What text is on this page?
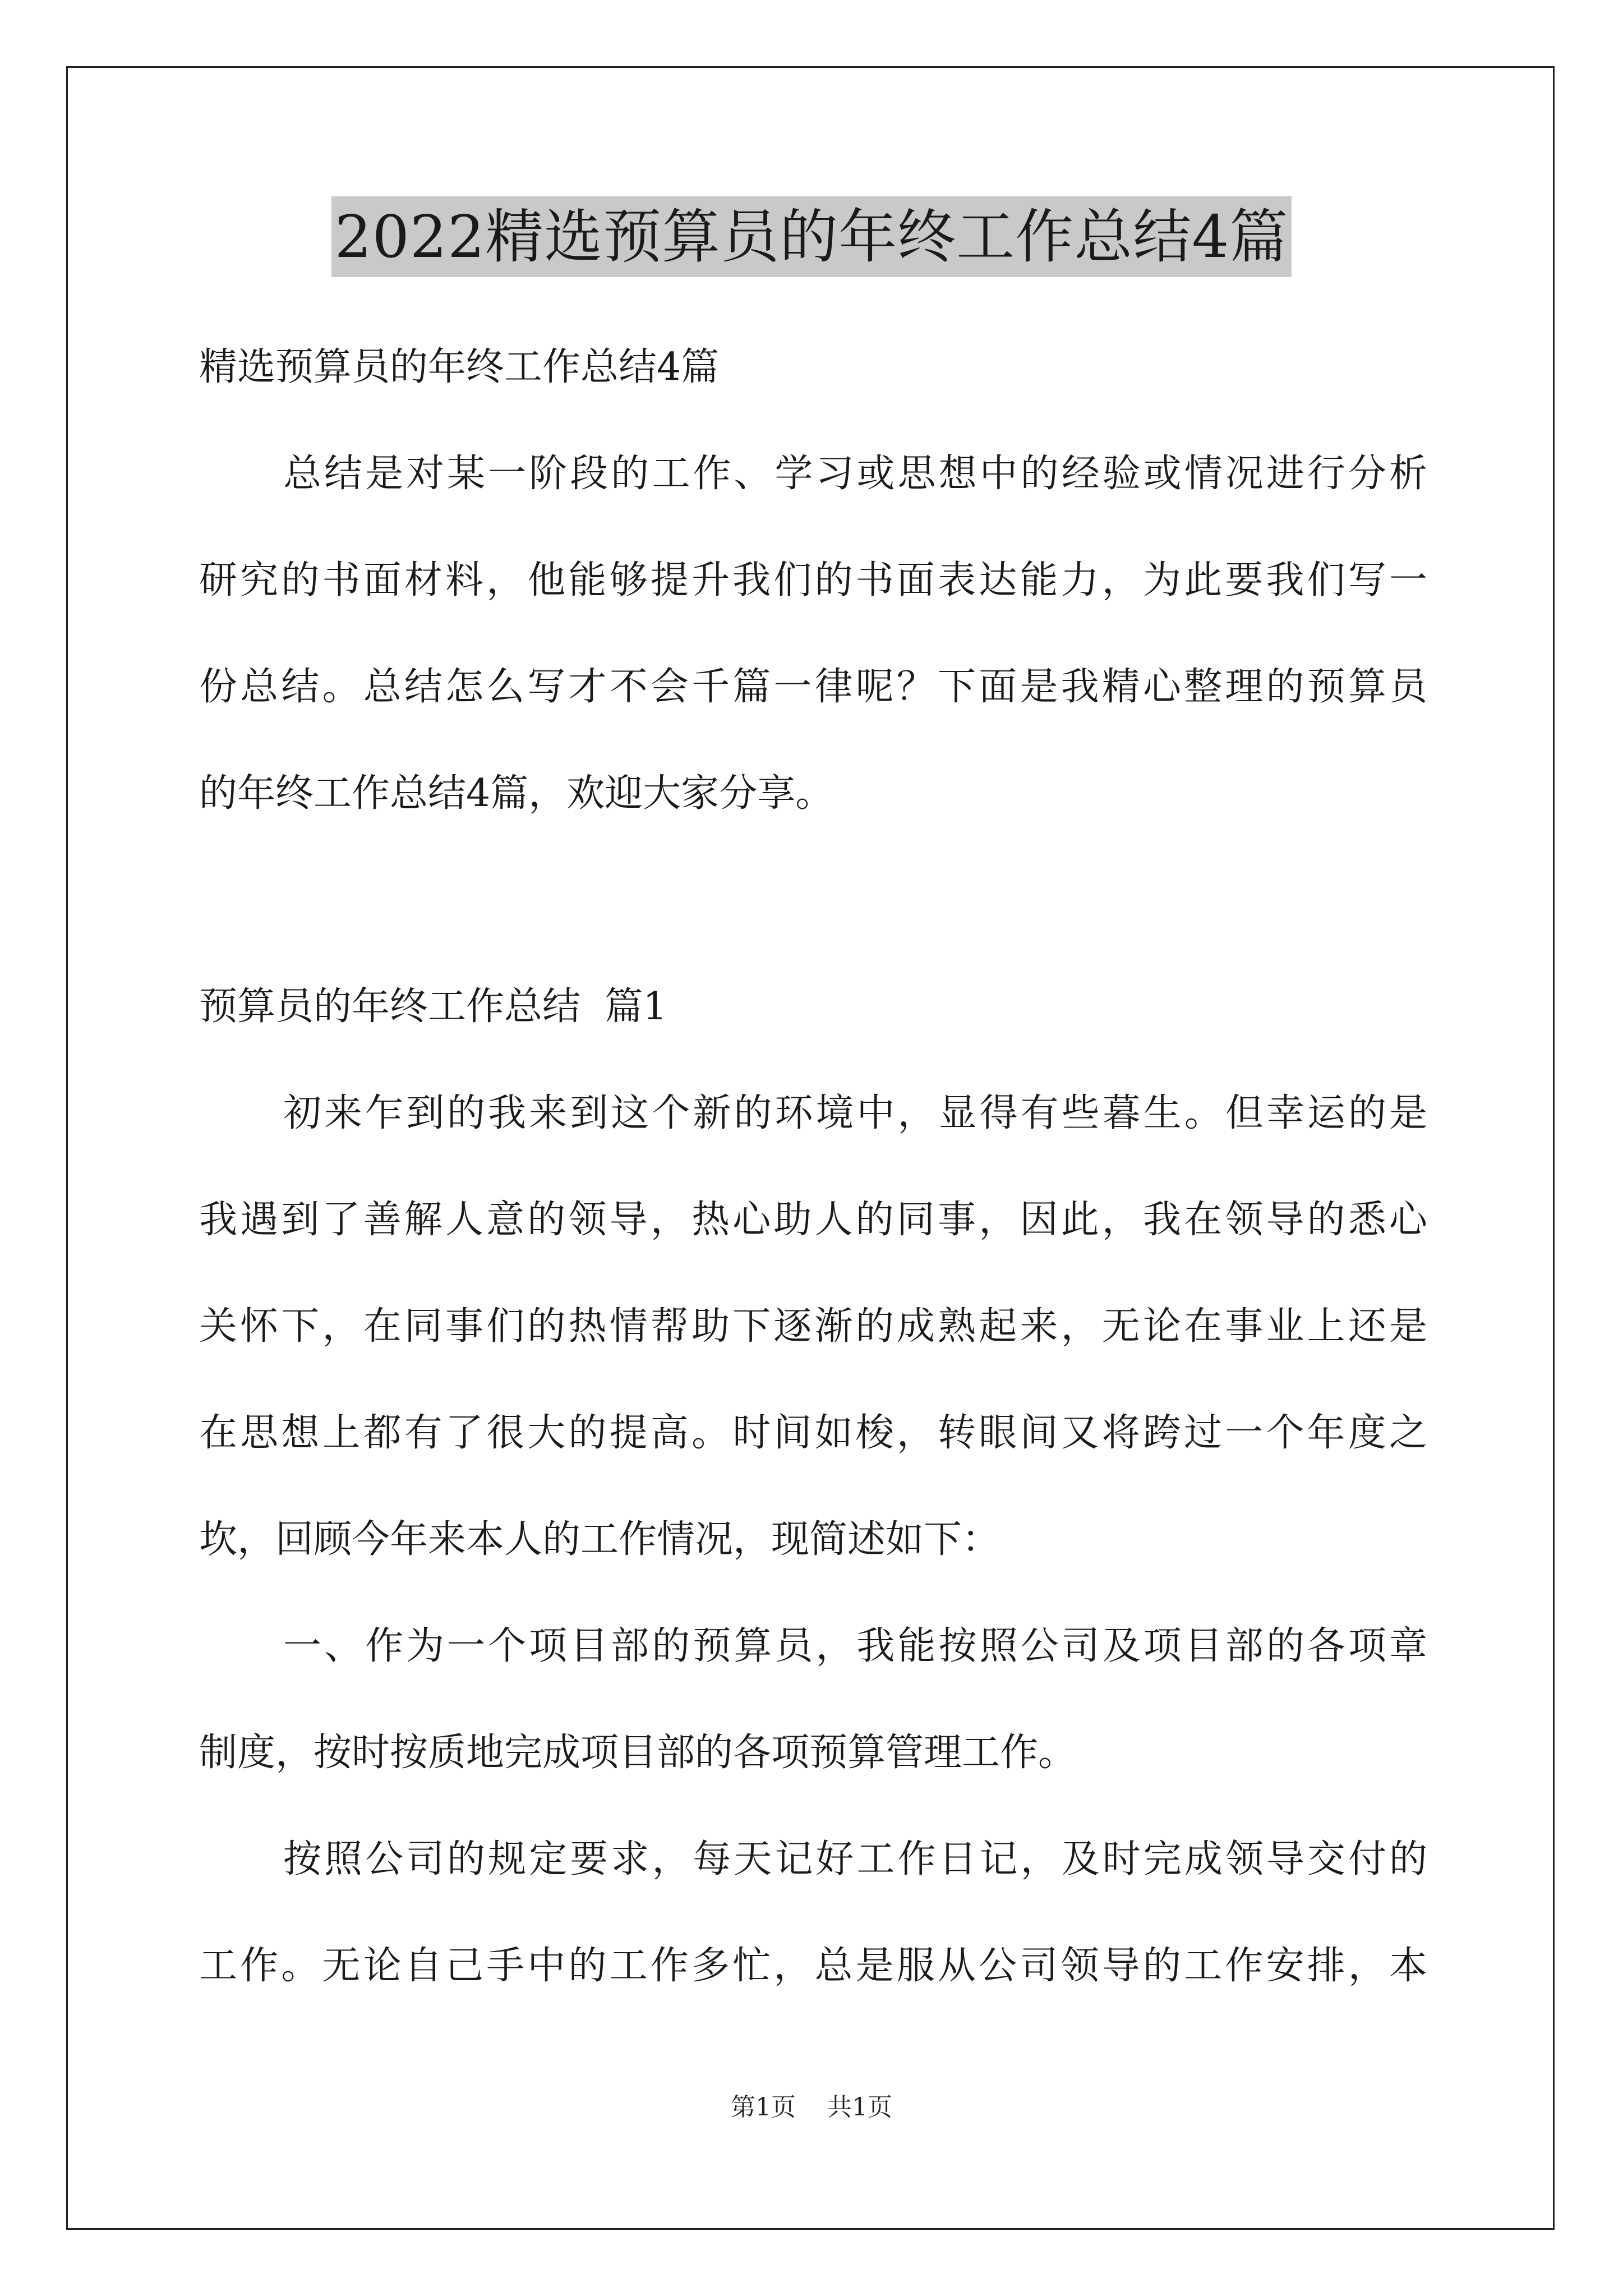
2022精选预算员的年终工作总结4篇
精选预算员的年终工作总结4篇
总结是对某一阶段的工作、学习或思想中的经验或情况进行分析
研究的书面材料，他能够提升我们的书面表达能力，为此要我们写一
份总结。总结怎么写才不会千篇一律呢？下面是我精心整理的预算员
的年终工作总结4篇，欢迎大家分享。
预算员的年终工作总结  篇1
初来乍到的我来到这个新的环境中，显得有些暮生。但幸运的是
我遇到了善解人意的领导，热心助人的同事，因此，我在领导的悉心
关怀下，在同事们的热情帮助下逐渐的成熟起来，无论在事业上还是
在思想上都有了很大的提高。时间如梭，转眼间又将跨过一个年度之
坎，回顾今年来本人的工作情况，现简述如下：
一、作为一个项目部的预算员，我能按照公司及项目部的各项章
制度，按时按质地完成项目部的各项预算管理工作。
按照公司的规定要求，每天记好工作日记，及时完成领导交付的
工作。无论自己手中的工作多忙，总是服从公司领导的工作安排，本
第1页    共1页
